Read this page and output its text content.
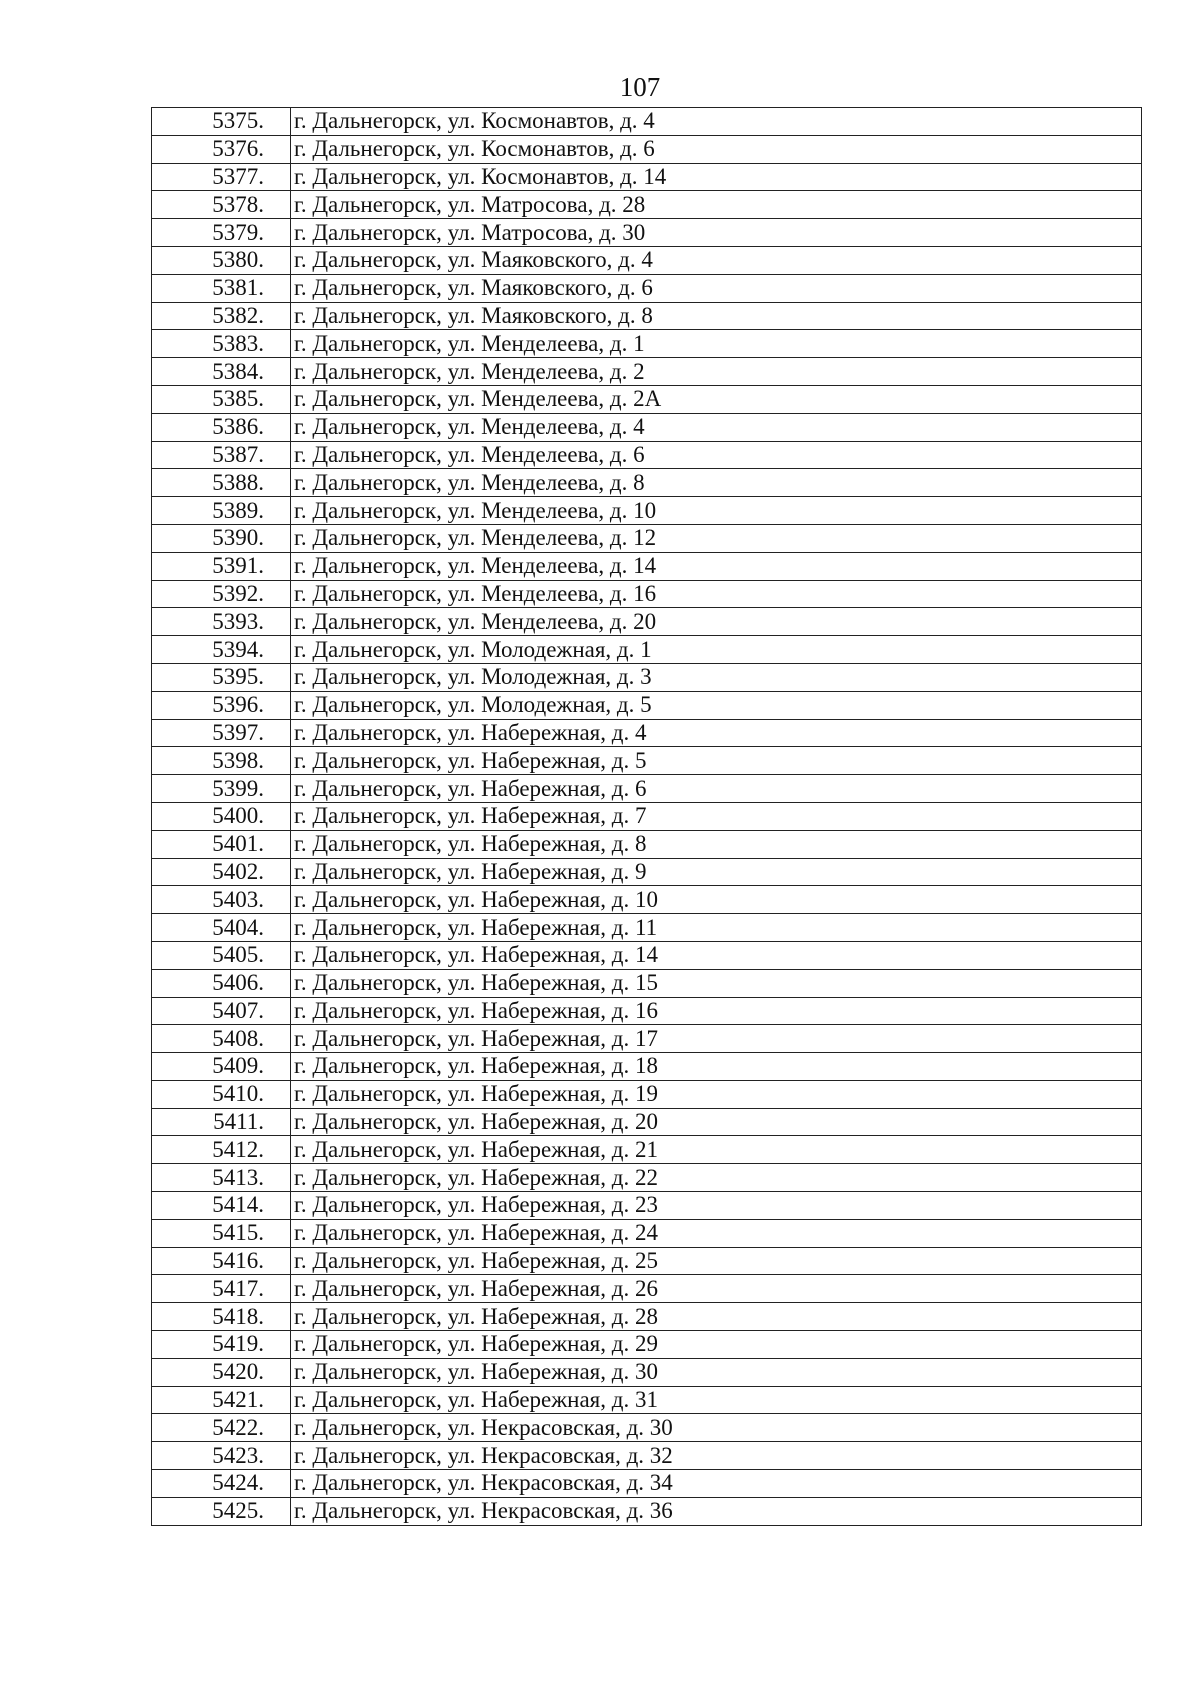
107
5375.	г. Дальнегорск, ул. Космонавтов, д. 4
5376.	г. Дальнегорск, ул. Космонавтов, д. 6
5377.	г. Дальнегорск, ул. Космонавтов, д. 14
5378.	г. Дальнегорск, ул. Матросова, д. 28
5379.	г. Дальнегорск, ул. Матросова, д. 30
5380.	г. Дальнегорск, ул. Маяковского, д. 4
5381.	г. Дальнегорск, ул. Маяковского, д. 6
5382.	г. Дальнегорск, ул. Маяковского, д. 8
5383.	г. Дальнегорск, ул. Менделеева, д. 1
5384.	г. Дальнегорск, ул. Менделеева, д. 2
5385.	г. Дальнегорск, ул. Менделеева, д. 2А
5386.	г. Дальнегорск, ул. Менделеева, д. 4
5387.	г. Дальнегорск, ул. Менделеева, д. 6
5388.	г. Дальнегорск, ул. Менделеева, д. 8
5389.	г. Дальнегорск, ул. Менделеева, д. 10
5390.	г. Дальнегорск, ул. Менделеева, д. 12
5391.	г. Дальнегорск, ул. Менделеева, д. 14
5392.	г. Дальнегорск, ул. Менделеева, д. 16
5393.	г. Дальнегорск, ул. Менделеева, д. 20
5394.	г. Дальнегорск, ул. Молодежная, д. 1
5395.	г. Дальнегорск, ул. Молодежная, д. 3
5396.	г. Дальнегорск, ул. Молодежная, д. 5
5397.	г. Дальнегорск, ул. Набережная, д. 4
5398.	г. Дальнегорск, ул. Набережная, д. 5
5399.	г. Дальнегорск, ул. Набережная, д. 6
5400.	г. Дальнегорск, ул. Набережная, д. 7
5401.	г. Дальнегорск, ул. Набережная, д. 8
5402.	г. Дальнегорск, ул. Набережная, д. 9
5403.	г. Дальнегорск, ул. Набережная, д. 10
5404.	г. Дальнегорск, ул. Набережная, д. 11
5405.	г. Дальнегорск, ул. Набережная, д. 14
5406.	г. Дальнегорск, ул. Набережная, д. 15
5407.	г. Дальнегорск, ул. Набережная, д. 16
5408.	г. Дальнегорск, ул. Набережная, д. 17
5409.	г. Дальнегорск, ул. Набережная, д. 18
5410.	г. Дальнегорск, ул. Набережная, д. 19
5411.	г. Дальнегорск, ул. Набережная, д. 20
5412.	г. Дальнегорск, ул. Набережная, д. 21
5413.	г. Дальнегорск, ул. Набережная, д. 22
5414.	г. Дальнегорск, ул. Набережная, д. 23
5415.	г. Дальнегорск, ул. Набережная, д. 24
5416.	г. Дальнегорск, ул. Набережная, д. 25
5417.	г. Дальнегорск, ул. Набережная, д. 26
5418.	г. Дальнегорск, ул. Набережная, д. 28
5419.	г. Дальнегорск, ул. Набережная, д. 29
5420.	г. Дальнегорск, ул. Набережная, д. 30
5421.	г. Дальнегорск, ул. Набережная, д. 31
5422.	г. Дальнегорск, ул. Некрасовская, д. 30
5423.	г. Дальнегорск, ул. Некрасовская, д. 32
5424.	г. Дальнегорск, ул. Некрасовская, д. 34
5425.	г. Дальнегорск, ул. Некрасовская, д. 36
